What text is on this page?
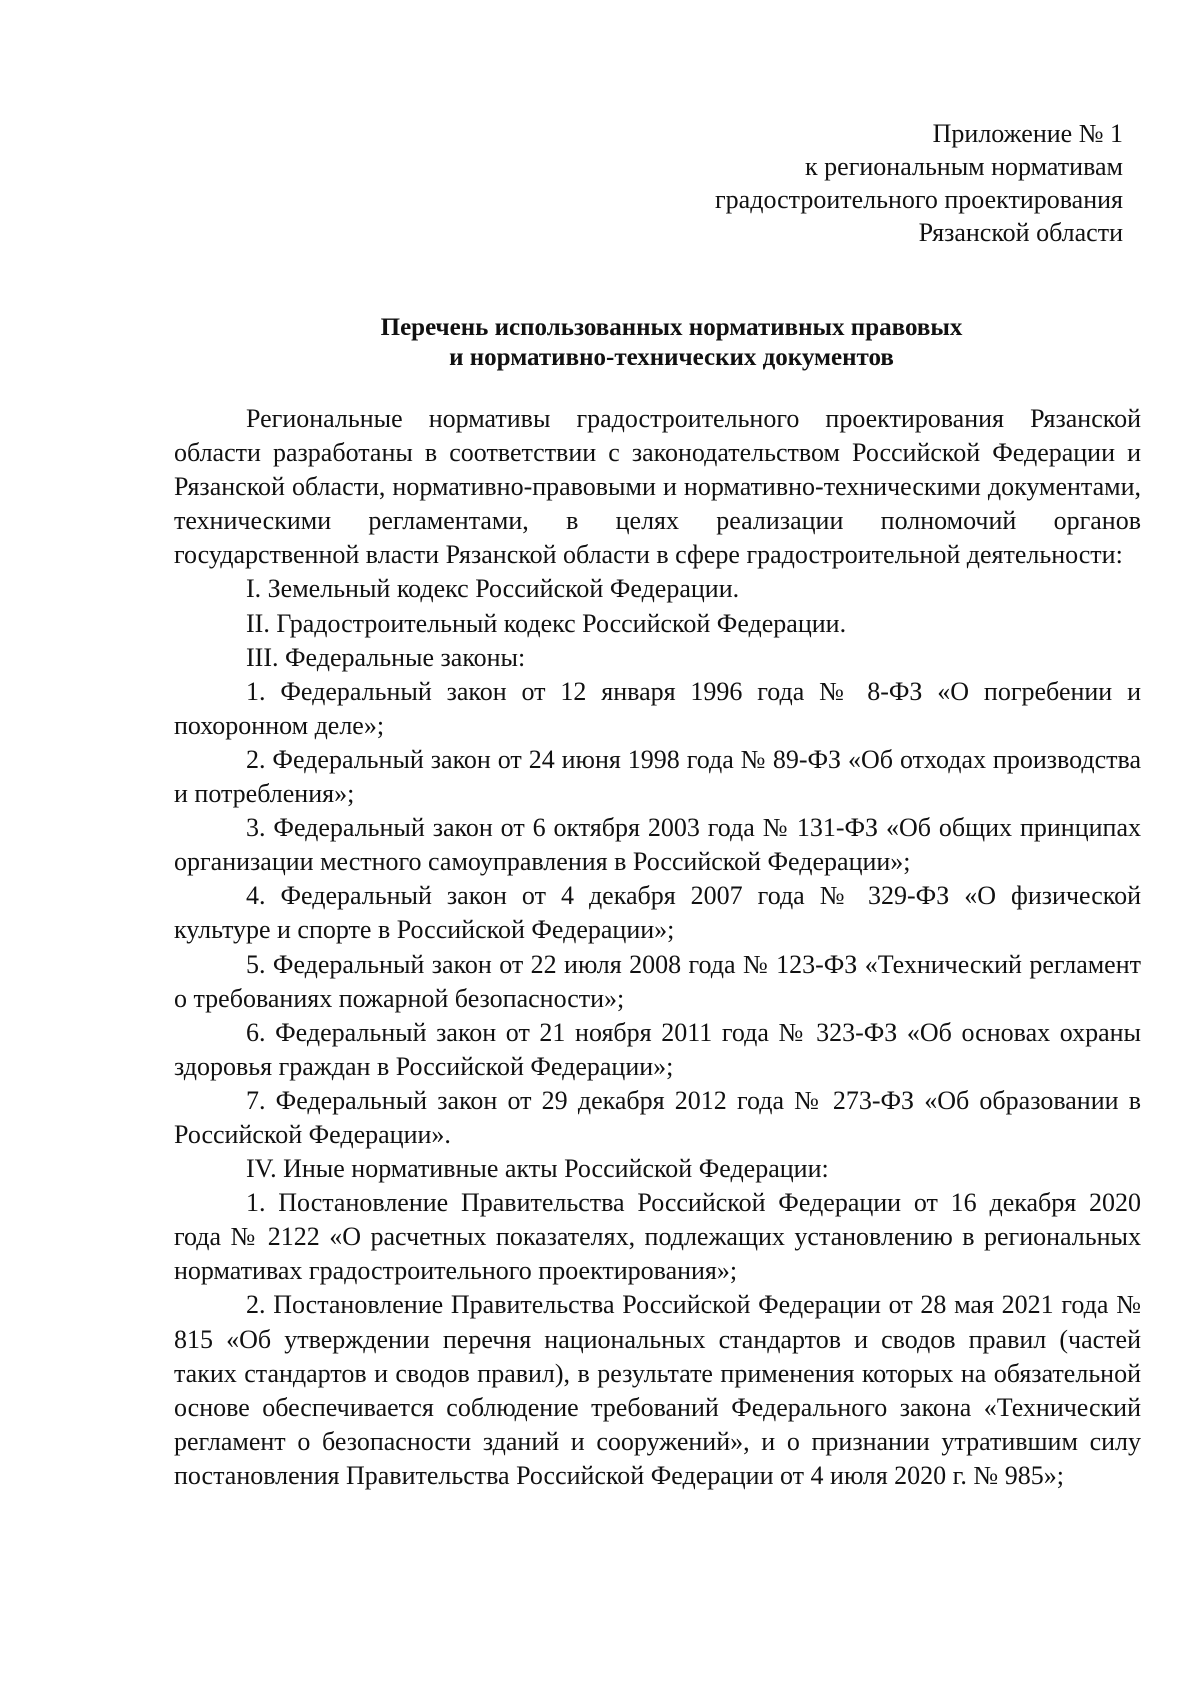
Приложение № 1
к региональным нормативам
градостроительного проектирования
Рязанской области
Перечень использованных нормативных правовых
и нормативно-технических документов

Региональные нормативы градостроительного проектирования Рязанской области разработаны в соответствии с законодательством Российской Федерации и Рязанской области, нормативно-правовыми и нормативно-техническими документами, техническими регламентами, в целях реализации полномочий органов государственной власти Рязанской области в сфере градостроительной деятельности:

I. Земельный кодекс Российской Федерации.

II. Градостроительный кодекс Российской Федерации.

III. Федеральные законы:

1. Федеральный закон от 12 января 1996 года № 8-ФЗ «О погребении и похоронном деле»;

2. Федеральный закон от 24 июня 1998 года № 89-ФЗ «Об отходах производства и потребления»;

3. Федеральный закон от 6 октября 2003 года № 131-ФЗ «Об общих принципах организации местного самоуправления в Российской Федерации»;

4. Федеральный закон от 4 декабря 2007 года № 329-ФЗ «О физической культуре и спорте в Российской Федерации»;

5. Федеральный закон от 22 июля 2008 года № 123-ФЗ «Технический регламент о требованиях пожарной безопасности»;

6. Федеральный закон от 21 ноября 2011 года № 323-ФЗ «Об основах охраны здоровья граждан в Российской Федерации»;

7. Федеральный закон от 29 декабря 2012 года № 273-ФЗ «Об образовании в Российской Федерации».

IV. Иные нормативные акты Российской Федерации:

1. Постановление Правительства Российской Федерации от 16 декабря 2020 года № 2122 «О расчетных показателях, подлежащих установлению в региональных нормативах градостроительного проектирования»;

2. Постановление Правительства Российской Федерации от 28 мая 2021 года № 815 «Об утверждении перечня национальных стандартов и сводов правил (частей таких стандартов и сводов правил), в результате применения которых на обязательной основе обеспечивается соблюдение требований Федерального закона «Технический регламент о безопасности зданий и сооружений», и о признании утратившим силу постановления Правительства Российской Федерации от 4 июля 2020 г. № 985»;
